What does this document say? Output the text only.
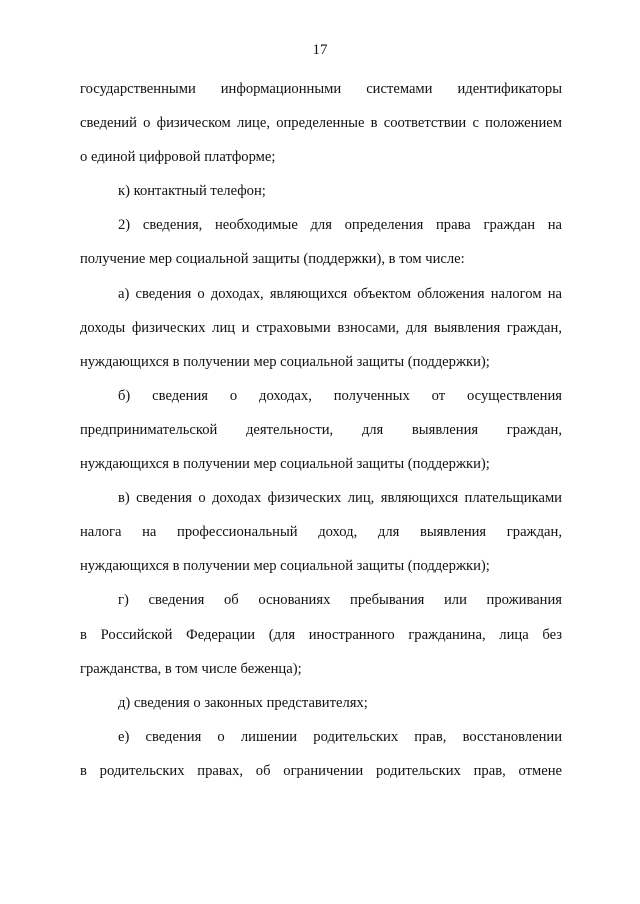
17
государственными информационными системами идентификаторы
сведений о физическом лице, определенные в соответствии с положением
о единой цифровой платформе;
к) контактный телефон;
2) сведения, необходимые для определения права граждан на
получение мер социальной защиты (поддержки), в том числе:
а) сведения о доходах, являющихся объектом обложения налогом на
доходы физических лиц и страховыми взносами, для выявления граждан,
нуждающихся в получении мер социальной защиты (поддержки);
б) сведения о доходах, полученных от осуществления
предпринимательской деятельности, для выявления граждан,
нуждающихся в получении мер социальной защиты (поддержки);
в) сведения о доходах физических лиц, являющихся плательщиками
налога на профессиональный доход, для выявления граждан,
нуждающихся в получении мер социальной защиты (поддержки);
г) сведения об основаниях пребывания или проживания
в Российской Федерации (для иностранного гражданина, лица без
гражданства, в том числе беженца);
д) сведения о законных представителях;
е) сведения о лишении родительских прав, восстановлении
в родительских правах, об ограничении родительских прав, отмене
